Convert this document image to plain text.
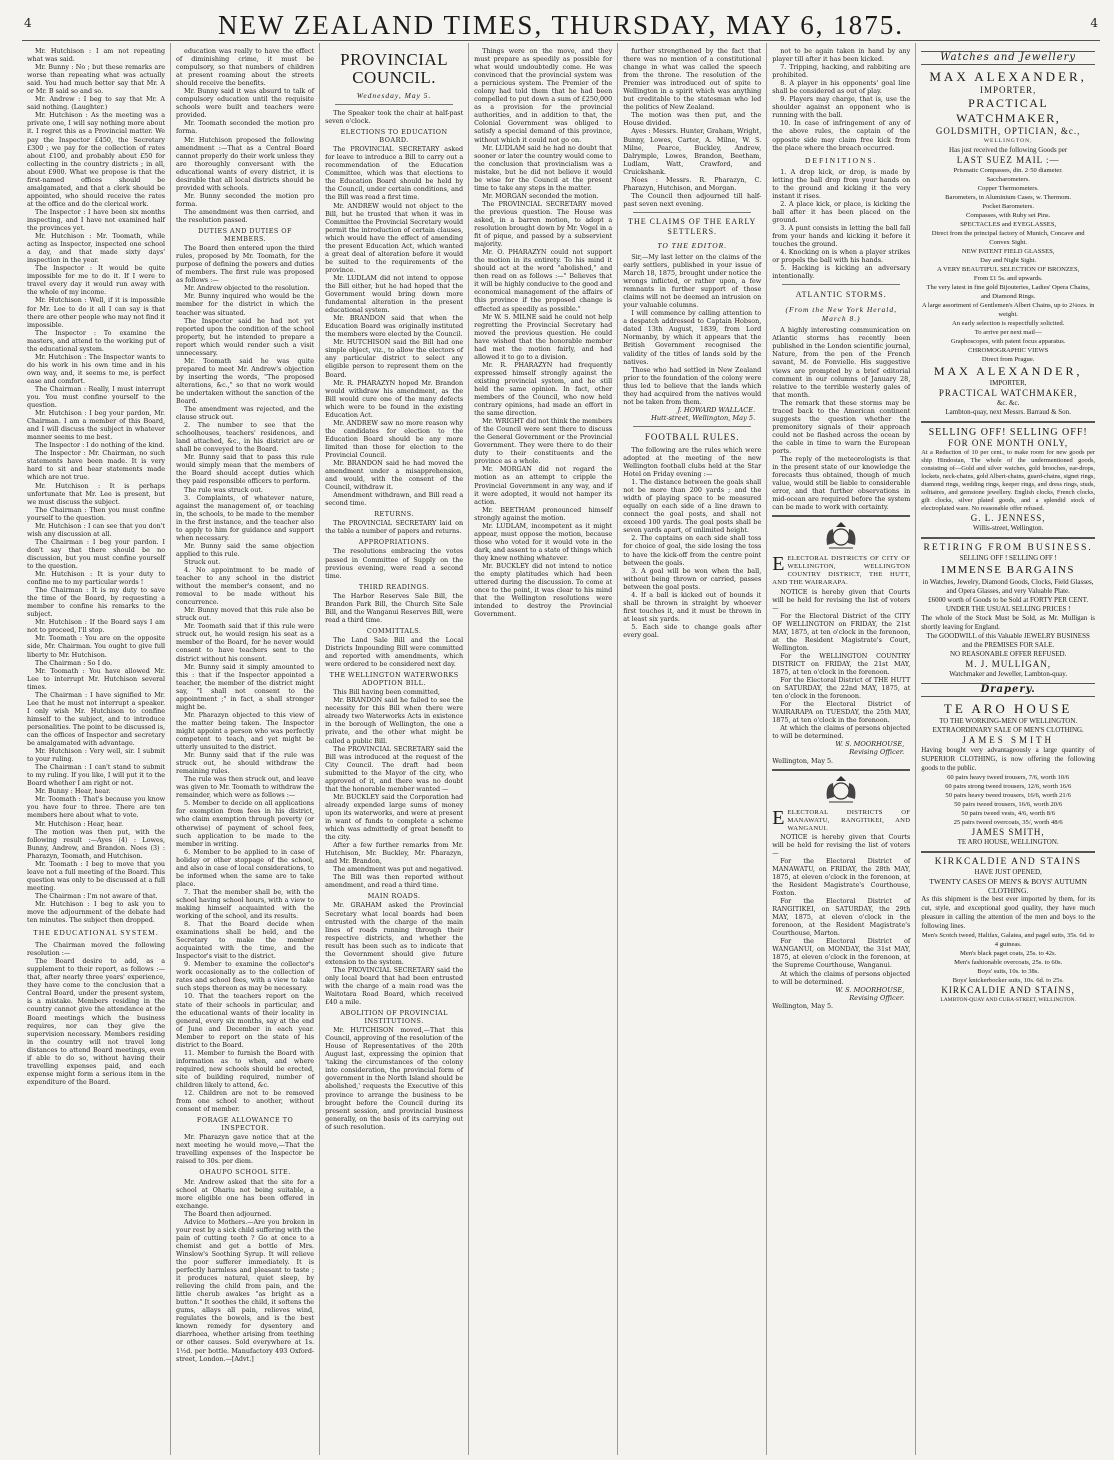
4	NEW ZEALAND TIMES, THURSDAY, MAY 6, 1875.	4

Mr. Hutchison : I am not repeating what was said.

Mr. Bunny : No ; but these remarks are worse than repeating what was actually said. You had much better say that Mr. A or Mr. B said so and so.

Mr. Andrew : I beg to say that Mr. A said nothing. (Laughter.)

Mr. Hutchison : As the meeting was a private one, I will say nothing more about it. I regret this as a Provincial matter. We pay the Inspector £450, the Secretary £300 ; we pay for the collection of rates about £100, and probably about £50 for collecting in the country districts ; in all, about £900. What we propose is that the first-named offices should be amalgamated, and that a clerk should be appointed, who should receive the rates at the office and do the clerical work.

The Inspector : I have been six months inspecting, and I have not examined half the provinces yet.

Mr. Hutchison : Mr. Toomath, while acting as Inspector, inspected one school a day, and that made sixty days' inspection in the year.

The Inspector : It would be quite impossible for me to do it. If I were to travel every day it would run away with the whole of my income.

Mr. Hutchison : Well, if it is impossible for Mr. Lee to do it all I can say is that there are other people who may not find it impossible.

The Inspector : To examine the masters, and attend to the working put of the educational system.

Mr. Hutchison : The Inspector wants to do his work in his own time and in his own way, and, it seems to me, is perfect ease and comfort.

The Chairman : Really, I must interrupt you. You must confine yourself to the question.

Mr. Hutchison : I beg your pardon, Mr. Chairman. I am a member of this Board, and I will discuss the subject in whatever manner seems to me best.

The Inspector : I do nothing of the kind.

The Inspector : Mr. Chairman, no such statements have been made. It is very hard to sit and hear statements made which are not true.

Mr. Hutchison : It is perhaps unfortunate that Mr. Lee is present, but we must discuss the subject.

The Chairman : Then you must confine yourself to the question.

Mr. Hutchison : I can see that you don't wish any discussion at all.

The Chairman : I beg your pardon. I don't say that there should be no discussion, but you must confine yourself to the question.

Mr. Hutchison : It is your duty to confine me to my particular words !

The Chairman : It is my duty to save the time of the Board, by requesting a member to confine his remarks to the subject.

Mr. Hutchison : If the Board says I am not to proceed, I'll stop.

Mr. Toomath : You are on the opposite side, Mr. Chairman. You ought to give full liberty to Mr. Hutchison.

The Chairman : So I do.

Mr. Toomath : You have allowed Mr. Lee to interrupt Mr. Hutchison several times.

The Chairman : I have signified to Mr. Lee that he must not interrupt a speaker. I only wish Mr. Hutchison to confine himself to the subject, and to introduce personalities. The point to be discussed is, can the offices of Inspector and secretary be amalgamated with advantage.

Mr. Hutchison : Very well, sir. I submit to your ruling.

The Chairman : I can't stand to submit to my ruling. If you like, I will put it to the Board whether I am right or not.

Mr. Bunny : Hear, hear.

Mr. Toomath : That's because you know you have four to three. There are ten members here about what to vote.

Mr. Hutchison : Hear, hear.

The motion was then put, with the following result :—Ayes (4) : Lowes, Bunny, Andrew, and Brandon. Noes (3) : Pharazyn, Toomath, and Hutchison.

Mr. Toomath : I beg to move that you leave not a full meeting of the Board. This question was only to be discussed at a full meeting.

The Chairman : I'm not aware of that.

Mr. Hutchison : I beg to ask you to move the adjournment of the debate had ten minutes. The subject then dropped.

THE EDUCATIONAL SYSTEM.

The Chairman moved the following resolution :—

The Board desire to add, as a supplement to their report, as follows :—that, after nearly three years' experience, they have come to the conclusion that a Central Board, under the present system, is a mistake. Members residing in the country cannot give the attendance at the Board meetings which the business requires, nor can they give the supervision necessary. Members residing in the country will not travel long distances to attend Board meetings, even if able to do so, without having their travelling expenses paid, and each expense might form a serious item in the expenditure of the Board.

education was really to have the effect of diminishing crime, it must be compulsory, so that numbers of children at present roaming about the streets should receive the benefits.

Mr. Bunny said it was absurd to talk of compulsory education until the requisite schools were built and teachers were provided.

Mr. Toomath seconded the motion pro forma.

Mr. Hutchison proposed the following amendment :—That as a Central Board cannot properly do their work unless they are thoroughly conversant with the educational wants of every district, it is desirable that all local districts should be provided with schools.

Mr. Bunny seconded the motion pro forma.

The amendment was then carried, and the resolution passed.

DUTIES AND DUTIES OF MEMBERS.

The Board then entered upon the third rules, proposed by Mr. Toomath, for the purpose of defining the powers and duties of members. The first rule was proposed as follows :—

Mr. Andrew objected to the resolution.

Mr. Bunny inquired who would be the member for the district in which the teacher was situated.

The Inspector said he had not yet reported upon the condition of the school property, but he intended to prepare a report which would render such a visit unnecessary.

Mr. Toomath said he was quite prepared to meet Mr. Andrew's objection by inserting the words, "The proposed alterations, &c.," so that no work would be undertaken without the sanction of the Board.

The amendment was rejected, and the clause struck out.

2. The number to see that the schoolhouses, teachers' residences, and land attached, &c., in his district are or shall be conveyed to the Board.

Mr. Bunny said that to pass this rule would simply mean that the members of the Board should accept duties which they paid responsible officers to perform.

The rule was struck out.

3. Complaints, of whatever nature, against the management of, or teaching in, the schools, to be made to the member in the first instance, and the teacher also to apply to him for guidance and support when necessary.

Mr. Bunny said the same objection applied to this rule.

Struck out.

4. No appointment to be made of teacher to any school in the district without the member's consent, and no removal to be made without his concurrence.

Mr. Bunny moved that this rule also be struck out.

Mr. Toomath said that if this rule were struck out, he would resign his seat as a member of the Board, for he never would consent to have teachers sent to the district without his consent.

Mr. Bunny said it simply amounted to this : that if the Inspector appointed a teacher, the member of the district might say, "I shall not consent to the appointment ;" in fact, a shall stronger might be.

Mr. Pharazyn objected to this view of the matter being taken. The Inspector might appoint a person who was perfectly competent to teach, and yet might be utterly unsuited to the district.

Mr. Bunny said that if the rule was struck out, he should withdraw the remaining rules.

The rule was then struck out, and leave was given to Mr. Toomath to withdraw the remainder, which were as follows :—

5. Member to decide on all applications for exemption from fees in his district, who claim exemption through poverty (or otherwise) of payment of school fees, such application to be made to the member in writing.

6. Member to be applied to in case of holiday or other stoppage of the school, and also in case of local considerations, to be informed when the same are to take place.

7. That the member shall be, with the school having school hours, with a view to making himself acquainted with the working of the school, and its results.

8. That the Board decide when examinations shall be held, and the Secretary to make the member acquainted with the time, and the Inspector's visit to the district.

9. Member to examine the collector's work occasionally as to the collection of rates and school fees, with a view to take such steps thereon as may be necessary.

10. That the teachers report on the state of their schools in particular, and the educational wants of their locality in general, every six months, say at the end of June and December in each year. Member to report on the state of his district to the Board.

11. Member to furnish the Board with information as to when, and where required, new schools should be erected, site of building required, number of children likely to attend, &c.

12. Children are not to be removed from one school to another, without consent of member.

FORAGE ALLOWANCE TO INSPECTOR.

Mr. Pharazyn gave notice that at the next meeting he would move,—That the travelling expenses of the Inspector be raised to 30s. per diem.

OHAUPO SCHOOL SITE.

Mr. Andrew asked that the site for a school at Ohariu not being suitable, a more eligible one has been offered in exchange.

The Board then adjourned.

Advice to Mothers.—Are you broken in your rest by a sick child suffering with the pain of cutting teeth ? Go at once to a chemist and get a bottle of Mrs. Winslow's Soothing Syrup. It will relieve the poor sufferer immediately. It is perfectly harmless and pleasant to taste ; it produces natural, quiet sleep, by relieving the child from pain, and the little cherub awakes "as bright as a button." It soothes the child, it softens the gums, allays all pain, relieves wind, regulates the bowels, and is the best known remedy for dysentery and diarrhoea, whether arising from teething or other causes. Sold everywhere at 1s. 1½d. per bottle. Manufactory 493 Oxford-street, London.—[Advt.]

PROVINCIAL COUNCIL.
Wednesday, May 5.

The Speaker took the chair at half-past seven o'clock.

ELECTIONS TO EDUCATION BOARD.

The PROVINCIAL SECRETARY asked for leave to introduce a Bill to carry out a recommendation of the Education Committee, which was that elections to the Education Board should be held by the Council, under certain conditions, and the Bill was read a first time.

Mr. ANDREW would not object to the Bill, but he trusted that when it was in Committee the Provincial Secretary would permit the introduction of certain clauses, which would have the effect of amending the present Education Act, which wanted a great deal of alteration before it would be suited to the requirements of the province.

Mr. LUDLAM did not intend to oppose the Bill either, but he had hoped that the Government would bring down more fundamental alteration in the present educational system.

Mr. BRANDON said that when the Education Board was originally instituted the members were elected by the Council.

Mr. HUTCHISON said the Bill had one simple object, viz., to allow the electors of any particular district to select any eligible person to represent them on the Board.

Mr. R. PHARAZYN hoped Mr. Brandon would withdraw his amendment, as the Bill would cure one of the many defects which were to be found in the existing Education Act.

Mr. ANDREW saw no more reason why the candidates for election to the Education Board should be any more limited than those for election to the Provincial Council.

Mr. BRANDON said he had moved the amendment under a misapprehension, and would, with the consent of the Council, withdraw it.

Amendment withdrawn, and Bill read a second time.

RETURNS.

The PROVINCIAL SECRETARY laid on the table a number of papers and returns.

APPROPRIATIONS.

The resolutions embracing the votes passed in Committee of Supply on the previous evening, were read a second time.

THIRD READINGS.

The Harbor Reserves Sale Bill, the Brandon Park Bill, the Church Site Sale Bill, and the Wanganui Reserves Bill, were read a third time.

COMMITTALS.

The Land Sale Bill and the Local Districts Impounding Bill were committed and reported with amendments, which were ordered to be considered next day.

THE WELLINGTON WATERWORKS ADOPTION BILL.

This Bill having been committed,

Mr. BRANDON said he failed to see the necessity for this Bill when there were already two Waterworks Acts in existence in the borough of Wellington, the one a private, and the other what might be called a public Bill.

The PROVINCIAL SECRETARY said the Bill was introduced at the request of the City Council. The draft had been submitted to the Mayor of the city, who approved of it, and there was no doubt that the honorable member wanted —

Mr. BUCKLEY said the Corporation had already expended large sums of money upon its waterworks, and were at present in want of funds to complete a scheme which was admittedly of great benefit to the city.

After a few further remarks from Mr. Hutchison, Mr. Buckley, Mr. Pharazyn, and Mr. Brandon,

The amendment was put and negatived.

The Bill was then reported without amendment, and read a third time.

MAIN ROADS.

Mr. GRAHAM asked the Provincial Secretary what local boards had been entrusted with the charge of the main lines of roads running through their respective districts, and whether the result has been such as to indicate that the Government should give future extension to the system.

The PROVINCIAL SECRETARY said the only local board that had been entrusted with the charge of a main road was the Waitotara Road Board, which received £40 a mile.

ABOLITION OF PROVINCIAL INSTITUTIONS.

Mr. HUTCHISON moved,—That this Council, approving of the resolution of the House of Representatives of the 20th August last, expressing the opinion that 'taking the circumstances of the colony into consideration, the provincial form of government in the North Island should be abolished,' requests the Executive of this province to arrange the business to be brought before the Council during its present session, and provincial business generally, on the basis of its carrying out of such resolution.

Things were on the move, and they must prepare as speedily as possible for what would undoubtedly come. He was convinced that the provincial system was a pernicious system. The Premier of the colony had told them that he had been compelled to put down a sum of £250,000 as a provision for the provincial authorities, and in addition to that, the Colonial Government was obliged to satisfy a special demand of this province, without which it could not go on.

Mr. LUDLAM said he had no doubt that sooner or later the country would come to the conclusion that provincialism was a mistake, but he did not believe it would be wise for the Council at the present time to take any steps in the matter.

Mr. MORGAN seconded the motion.

The PROVINCIAL SECRETARY moved the previous question. The House was asked, in a barren motion, to adopt a resolution brought down by Mr. Vogel in a fit of pique, and passed by a subservient majority.

Mr. O. PHARAZYN could not support the motion in its entirety. To his mind it should act at the word "abolished," and then read on as follows :—" Believes that it will be highly conducive to the good and economical management of the affairs of this province if the proposed change is effected as speedily as possible."

Mr W. S. MILNE said he could not help regretting the Provincial Secretary had moved the previous question. He could have wished that the honorable member had met the motion fairly, and had allowed it to go to a division.

Mr. R. PHARAZYN had frequently expressed himself strongly against the existing provincial system, and he still held the same opinion. In fact, other members of the Council, who now held contrary opinions, had made an effort in the same direction.

Mr. WRIGHT did not think the members of the Council were sent there to discuss the General Government or the Provincial Government. They were there to do their duty to their constituents and the province as a whole.

Mr. MORGAN did not regard the motion as an attempt to cripple the Provincial Government in any way, and if it were adopted, it would not hamper its action.

Mr. BEETHAM pronounced himself strongly against the motion.

Mr. LUDLAM, incompetent as it might appear, must oppose the motion, because those who voted for it would vote in the dark, and assent to a state of things which they knew nothing whatever.

Mr. BUCKLEY did not intend to notice the empty platitudes which had been uttered during the discussion. To come at once to the point, it was clear to his mind that the Wellington resolutions were intended to destroy the Provincial Government.

further strengthened by the fact that there was no mention of a constitutional change in what was called the speech from the throne. The resolution of the Premier was introduced out of spite to Wellington in a spirit which was anything but creditable to the statesman who led the politics of New Zealand.

The motion was then put, and the House divided.

Ayes : Messrs. Hunter, Graham, Wright, Bunny, Lowes, Carter, A. Milne, W. S. Milne, Pearce, Buckley, Andrew, Dalrymple, Lowes, Brandon, Beetham, Ludlam, Watt, Crawford, and Cruickshank.

Noes : Messrs. R. Pharazyn, C. Pharazyn, Hutchison, and Morgan.

The Council then adjourned till half-past seven next evening.

THE CLAIMS OF THE EARLY SETTLERS.
TO THE EDITOR.

Sir,—My last letter on the claims of the early settlers, published in your issue of March 18, 1875, brought under notice the wrongs inflicted, or rather upon, a few remnants in further support of those claims will not be deemed an intrusion on your valuable columns.

I will commence by calling attention to a despatch addressed to Captain Hobson, dated 13th August, 1839, from Lord Normanby, by which it appears that the British Government recognised the validity of the titles of lands sold by the natives.

Those who had settled in New Zealand prior to the foundation of the colony were thus led to believe that the lands which they had acquired from the natives would not be taken from them.

J. HOWARD WALLACE.
Hutt-street, Wellington, May 5.
FOOTBALL RULES.

The following are the rules which were adopted at the meeting of the new Wellington football clubs held at the Star Hotel on Friday evening :—

1. The distance between the goals shall not be more than 200 yards ; and the width of playing space to be measured equally on each side of a line drawn to connect the goal posts, and shall not exceed 100 yards. The goal posts shall be seven yards apart, of unlimited height.

2. The captains on each side shall toss for choice of goal, the side losing the toss to have the kick-off from the centre point between the goals.

3. A goal will be won when the ball, without being thrown or carried, passes between the goal posts.

4. If a ball is kicked out of bounds it shall be thrown in straight by whoever first touches it, and it must be thrown in at least six yards.

5. Each side to change goals after every goal.

not to be again taken in hand by any player till after it has been kicked.

7. Tripping, hacking, and rabbiting are prohibited.

8. A player in his opponents' goal line shall be considered as out of play.

9. Players may charge, that is, use the shoulder against an opponent who is running with the ball.

10. In case of infringement of any of the above rules, the captain of the opposite side may claim free kick from the place where the breach occurred.

DEFINITIONS.

1. A drop kick, or drop, is made by letting the ball drop from your hands on to the ground and kicking it the very instant it rises.

2. A place kick, or place, is kicking the ball after it has been placed on the ground.

3. A punt consists in letting the ball fall from your hands and kicking it before it touches the ground.

4. Knocking on is when a player strikes or propels the ball with his hands.

5. Hacking is kicking an adversary intentionally.

ATLANTIC STORMS.
(From the New York Herald, March 8.)

A highly interesting communication on Atlantic storms has recently been published in the London scientific journal, Nature, from the pen of the French savant, M. de Fonvielle. His suggestive views are prompted by a brief editorial comment in our columns of January 28, relative to the terrible westerly gales of that month.

The remark that these storms may be traced back to the American continent suggests the question whether the premonitory signals of their approach could not be flashed across the ocean by the cable in time to warn the European ports.

The reply of the meteorologists is that in the present state of our knowledge the forecasts thus obtained, though of much value, would still be liable to considerable error, and that further observations in mid-ocean are required before the system can be made to work with certainty.

EELECTORAL DISTRICTS OF CITY OF WELLINGTON, WELLINGTON COUNTRY DISTRICT, THE HUTT, AND THE WAIRARAPA.

NOTICE is hereby given that Courts will be held for revising the list of voters—

For the Electoral District of the CITY OF WELLINGTON on FRIDAY, the 21st MAY, 1875, at ten o'clock in the forenoon, at the Resident Magistrate's Court, Wellington.

For the WELLINGTON COUNTRY DISTRICT on FRIDAY, the 21st MAY, 1875, at ten o'clock in the forenoon.

For the Electoral District of THE HUTT on SATURDAY, the 22nd MAY, 1875, at ten o'clock in the forenoon.

For the Electoral District of WAIRARAPA on TUESDAY, the 25th MAY, 1875, at ten o'clock in the forenoon.

At which the claims of persons objected to will be determined.

W. S. MOORHOUSE,
Revising Officer.
Wellington, May 5.
EELECTORAL DISTRICTS OF MANAWATU, RANGITIKEI, AND WANGANUI.

NOTICE is hereby given that Courts will be held for revising the list of voters—

For the Electoral District of MANAWATU, on FRIDAY, the 28th MAY, 1875, at eleven o'clock in the forenoon, at the Resident Magistrate's Courthouse, Foxton.

For the Electoral District of RANGITIKEI, on SATURDAY, the 29th MAY, 1875, at eleven o'clock in the forenoon, at the Resident Magistrate's Courthouse, Marton.

For the Electoral District of WANGANUI, on MONDAY, the 31st MAY, 1875, at eleven o'clock in the forenoon, at the Supreme Courthouse, Wanganui.

At which the claims of persons objected to will be determined.

W. S. MOORHOUSE,
Revising Officer.
Wellington, May 5.
Watches and Jewellery
MAX ALEXANDER,
IMPORTER,
PRACTICAL WATCHMAKER,
GOLDSMITH, OPTICIAN, &c.,
WELLINGTON,
Has just received the following Goods per
LAST SUEZ MAIL :—
Prismatic Compasses, din. 2·50 diameter.
Saccharometers.
Copper Thermometers.
Barometers, in Aluminium Cases, w. Thermom.
Pocket Barometers.
Compasses, with Ruby set Pins.
SPECTACLES and EYEGLASSES,
Direct from the principal factory of Munich, Concave and Convex Sight.
NEW PATENT FIELD GLASSES,
Day and Night Sight.
A VERY BEAUTIFUL SELECTION OF BRONZES,
From £1 5s. and upwards.
The very latest in fine gold Bijouteries, Ladies' Opera Chains, and Diamond Rings.
A large assortment of Gentlemen's Albert Chains, up to 2¼ozs. in weight.
An early selection is respectfully solicited.
To arrive per next mail—
Graphoscopes, with patent focus apparatus.
CHROMOGRAPHIC VIEWS
Direct from Prague.
MAX ALEXANDER,
IMPORTER,
PRACTICAL WATCHMAKER,
&c. &c.
Lambton-quay, next Messrs. Barraud & Son.
SELLING OFF! SELLING OFF!
FOR ONE MONTH ONLY,
At a Reduction of 10 per cent., to make room for new goods per ship Hindostan, The whole of the undermentioned goods, consisting of—Gold and silver watches, gold brooches, ear-drops, lockets, neck-chains, gold Albert-chains, guard-chains, signet rings, diamond rings, wedding rings, keeper rings, and dress rings, studs, solitaires, and gemstone jewellery. English clocks, French clocks, gilt clocks, silver plated goods, and a splendid stock of electroplated ware. No reasonable offer refused.
G. L. JENNESS,
Willis-street, Wellington.
RETIRING FROM BUSINESS.
SELLING OFF ! SELLING OFF !
IMMENSE BARGAINS
in Watches, Jewelry, Diamond Goods, Clocks, Field Glasses, and Opera Glasses, and very Valuable Plate.
£6000 worth of Goods to be Sold at FORTY PER CENT. UNDER THE USUAL SELLING PRICES !
The whole of the Stock Must be Sold, as Mr. Mulligan is shortly leaving for England.
The GOODWILL of this Valuable JEWELRY BUSINESS and the PREMISES FOR SALE.
NO REASONABLE OFFER REFUSED.
M. J. MULLIGAN,
Watchmaker and Jeweller, Lambton-quay.
Drapery.
TE ARO HOUSE
TO THE WORKING-MEN OF WELLINGTON.
EXTRAORDINARY SALE OF MEN'S CLOTHING.
JAMES SMITH
Having bought very advantageously a large quantity of SUPERIOR CLOTHING, is now offering the following goods to the public.
60 pairs heavy tweed trousers, 7/6, worth 10/6
60 pairs strong tweed trousers, 12/6, worth 16/6
50 pairs heavy tweed trousers, 16/6, worth 21/6
50 pairs tweed trousers, 16/6, worth 20/6
50 pairs tweed vests, 4/6, worth 8/6
25 pairs tweed overcoats, 35/, worth 48/6
JAMES SMITH,
TE ARO HOUSE, WELLINGTON.
KIRKCALDIE AND STAINS
HAVE JUST OPENED,
TWENTY CASES OF MEN'S & BOYS' AUTUMN CLOTHING.
As this shipment is the best ever imported by them, for its cut, style, and exceptional good quality, they have much pleasure in calling the attention of the men and boys to the following lines.
Men's Scotch tweed, Halifax, Galatea, and pagel suits, 35s. 6d. to 4 guineas.
Men's black paget coats, 25s. to 42s.
Men's fashionable overcoats, 25s. to 60s.
Boys' suits, 10s. to 38s.
Boys' knickerbocker suits, 10s. 6d. to 25s.
KIRKCALDIE AND STAINS,
LAMBTON-QUAY AND CUBA-STREET, WELLINGTON.
